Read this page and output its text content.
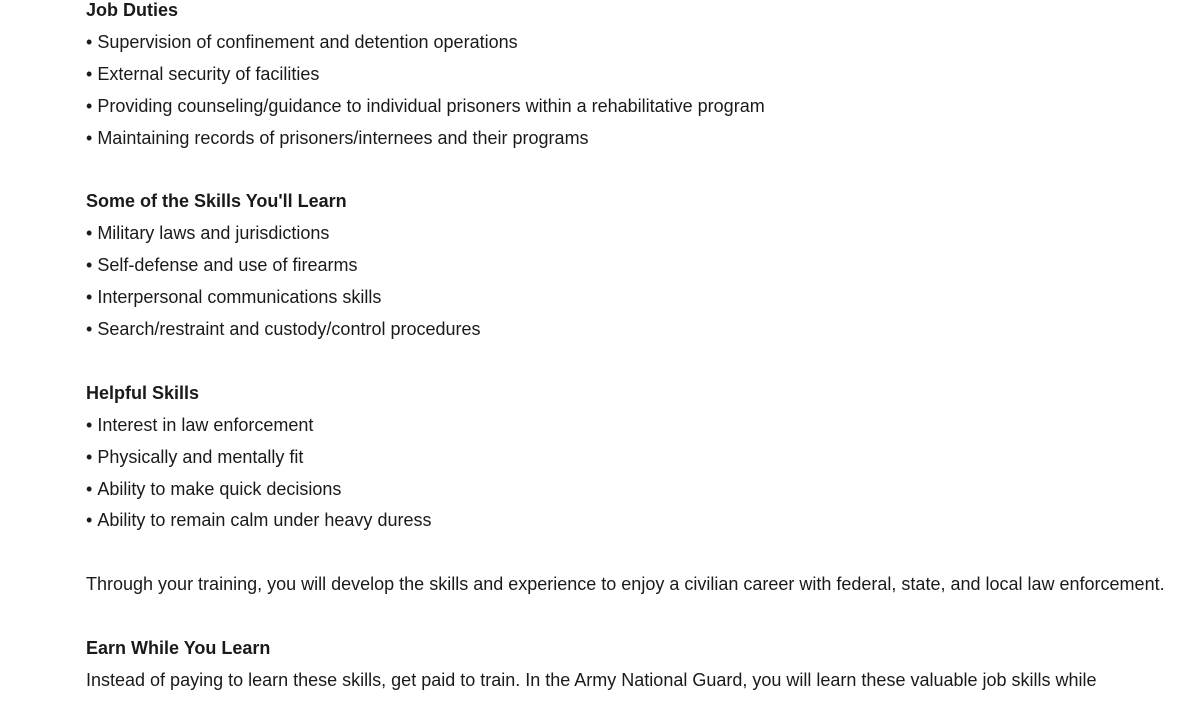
Job Duties
• Supervision of confinement and detention operations
• External security of facilities
• Providing counseling/guidance to individual prisoners within a rehabilitative program
• Maintaining records of prisoners/internees and their programs
Some of the Skills You'll Learn
• Military laws and jurisdictions
• Self-defense and use of firearms
• Interpersonal communications skills
• Search/restraint and custody/control procedures
Helpful Skills
• Interest in law enforcement
• Physically and mentally fit
• Ability to make quick decisions
• Ability to remain calm under heavy duress

Through your training, you will develop the skills and experience to enjoy a civilian career with federal, state, and local law enforcement.

Earn While You Learn

Instead of paying to learn these skills, get paid to train. In the Army National Guard, you will learn these valuable job skills while
